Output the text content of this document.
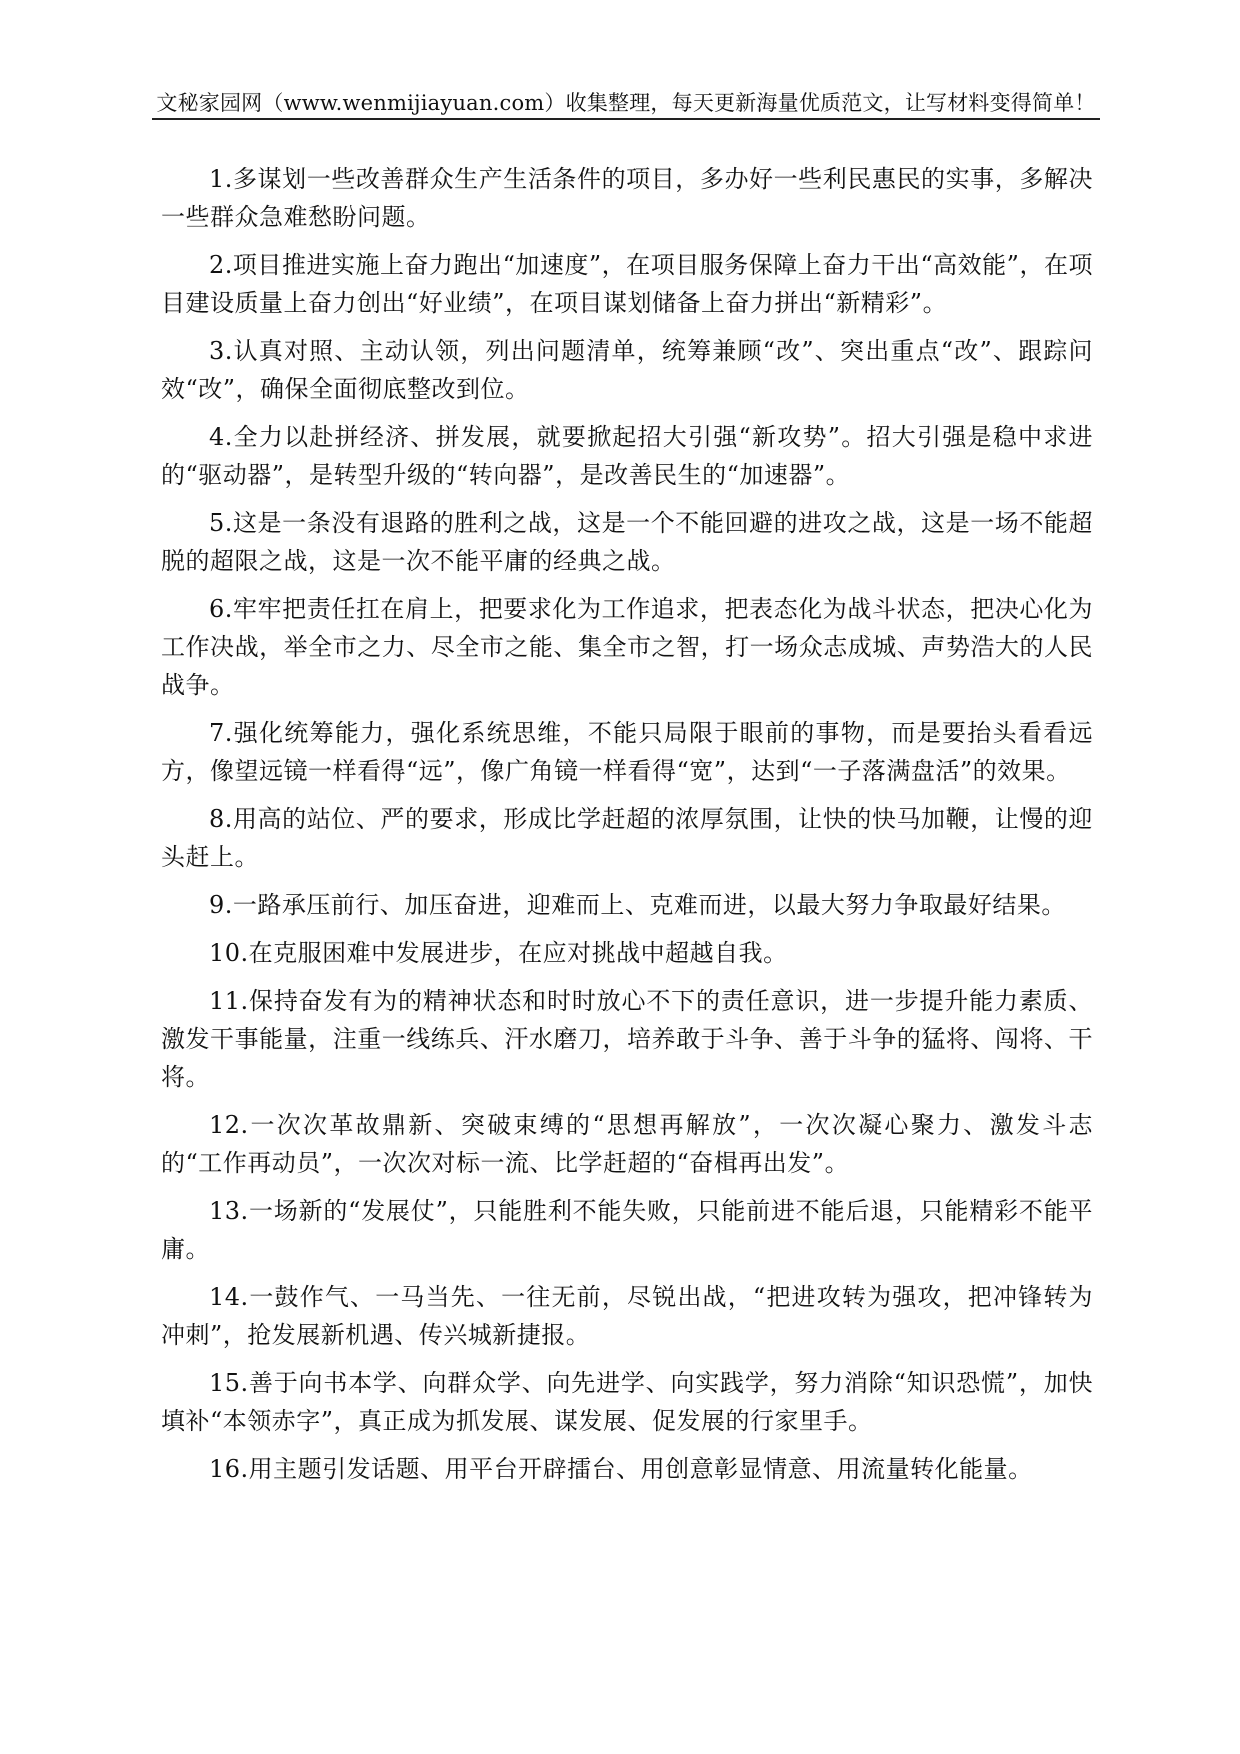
文秘家园网（www.wenmijiayuan.com）收集整理，每天更新海量优质范文，让写材料变得简单！

1.多谋划一些改善群众生产生活条件的项目，多办好一些利民惠民的实事，多解决一些群众急难愁盼问题。

2.项目推进实施上奋力跑出“加速度”，在项目服务保障上奋力干出“高效能”，在项目建设质量上奋力创出“好业绩”，在项目谋划储备上奋力拼出“新精彩”。

3.认真对照、主动认领，列出问题清单，统筹兼顾“改”、突出重点“改”、跟踪问效“改”，确保全面彻底整改到位。

4.全力以赴拼经济、拼发展，就要掀起招大引强“新攻势”。招大引强是稳中求进的“驱动器”，是转型升级的“转向器”，是改善民生的“加速器”。

5.这是一条没有退路的胜利之战，这是一个不能回避的进攻之战，这是一场不能超脱的超限之战，这是一次不能平庸的经典之战。

6.牢牢把责任扛在肩上，把要求化为工作追求，把表态化为战斗状态，把决心化为工作决战，举全市之力、尽全市之能、集全市之智，打一场众志成城、声势浩大的人民战争。

7.强化统筹能力，强化系统思维，不能只局限于眼前的事物，而是要抬头看看远方，像望远镜一样看得“远”，像广角镜一样看得“宽”，达到“一子落满盘活”的效果。

8.用高的站位、严的要求，形成比学赶超的浓厚氛围，让快的快马加鞭，让慢的迎头赶上。

9.一路承压前行、加压奋进，迎难而上、克难而进，以最大努力争取最好结果。

10.在克服困难中发展进步，在应对挑战中超越自我。

11.保持奋发有为的精神状态和时时放心不下的责任意识，进一步提升能力素质、激发干事能量，注重一线练兵、汗水磨刀，培养敢于斗争、善于斗争的猛将、闯将、干将。

12.一次次革故鼎新、突破束缚的“思想再解放”，一次次凝心聚力、激发斗志的“工作再动员”，一次次对标一流、比学赶超的“奋楫再出发”。

13.一场新的“发展仗”，只能胜利不能失败，只能前进不能后退，只能精彩不能平庸。

14.一鼓作气、一马当先、一往无前，尽锐出战，“把进攻转为强攻，把冲锋转为冲刺”，抢发展新机遇、传兴城新捷报。

15.善于向书本学、向群众学、向先进学、向实践学，努力消除“知识恐慌”，加快填补“本领赤字”，真正成为抓发展、谋发展、促发展的行家里手。

16.用主题引发话题、用平台开辟擂台、用创意彰显情意、用流量转化能量。
